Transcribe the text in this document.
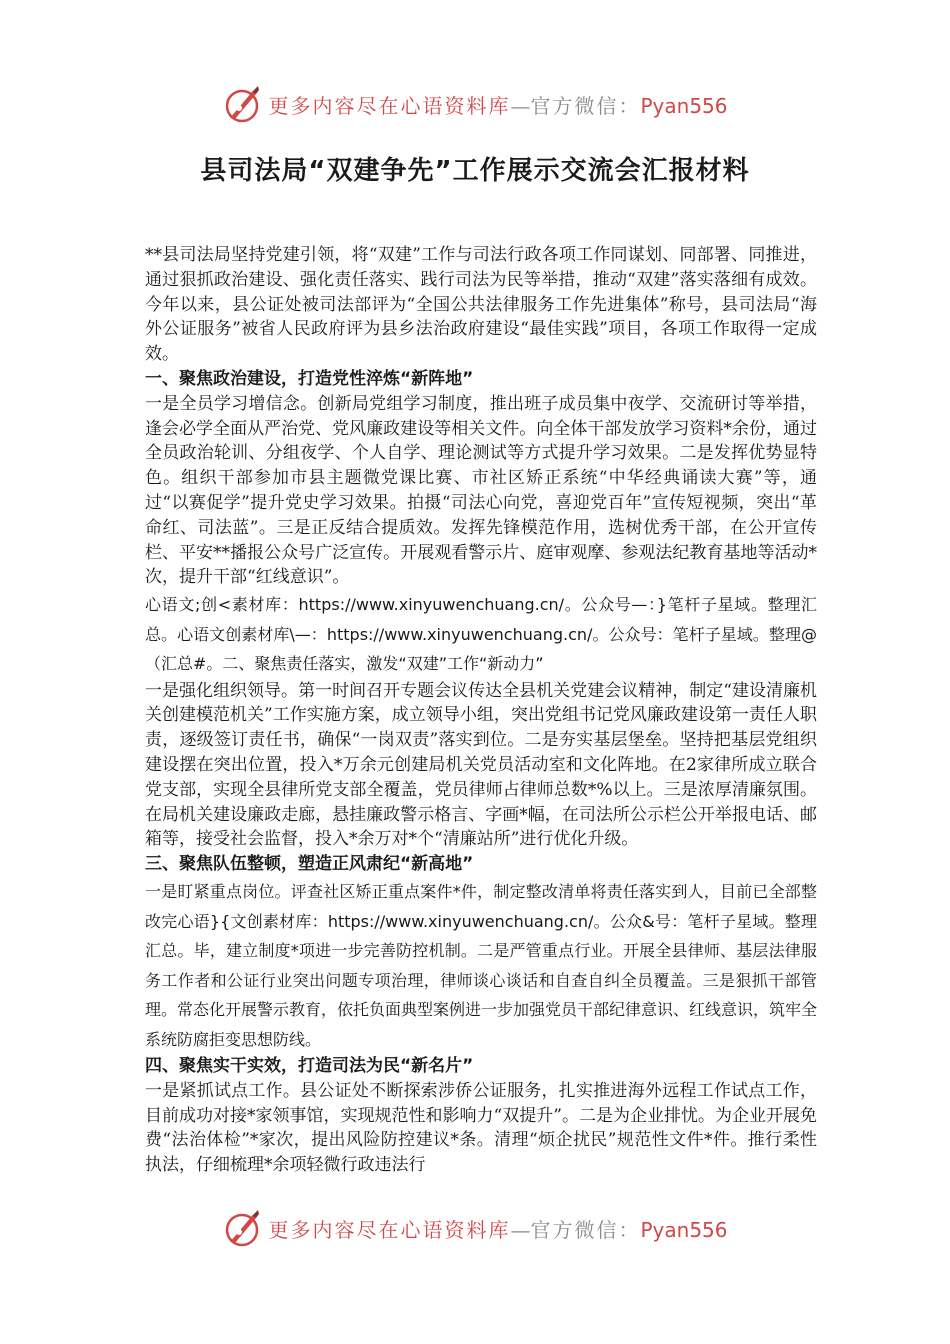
更多内容尽在心语资料库—官方微信：Pyan556
县司法局“双建争先”工作展示交流会汇报材料

**县司法局坚持党建引领，将“双建”工作与司法行政各项工作同谋划、同部署、同推进，通过狠抓政治建设、强化责任落实、践行司法为民等举措，推动“双建”落实落细有成效。今年以来，县公证处被司法部评为“全国公共法律服务工作先进集体”称号，县司法局“海外公证服务”被省人民政府评为县乡法治政府建设“最佳实践”项目，各项工作取得一定成效。

一、聚焦政治建设，打造党性淬炼“新阵地”

一是全员学习增信念。创新局党组学习制度，推出班子成员集中夜学、交流研讨等举措，逢会必学全面从严治党、党风廉政建设等相关文件。向全体干部发放学习资料*余份，通过全员政治轮训、分组夜学、个人自学、理论测试等方式提升学习效果。二是发挥优势显特色。组织干部参加市县主题微党课比赛、市社区矫正系统“中华经典诵读大赛”等，通过“以赛促学”提升党史学习效果。拍摄“司法心向党，喜迎党百年”宣传短视频，突出“革命红、司法蓝”。三是正反结合提质效。发挥先锋模范作用，选树优秀干部，在公开宣传栏、平安**播报公众号广泛宣传。开展观看警示片、庭审观摩、参观法纪教育基地等活动*次，提升干部“红线意识”。

心语文;创<素材库：https://www.xinyuwenchuang.cn/。公众号—：}笔杆子星域。整理汇总。心语文创素材库\—：https://www.xinyuwenchuang.cn/。公众号：笔杆子星域。整理@（汇总#。二、聚焦责任落实，激发“双建”工作“新动力”

一是强化组织领导。第一时间召开专题会议传达全县机关党建会议精神，制定“建设清廉机关创建模范机关”工作实施方案，成立领导小组，突出党组书记党风廉政建设第一责任人职责，逐级签订责任书，确保“一岗双责”落实到位。二是夯实基层堡垒。坚持把基层党组织建设摆在突出位置，投入*万余元创建局机关党员活动室和文化阵地。在2家律所成立联合党支部，实现全县律所党支部全覆盖，党员律师占律师总数*%以上。三是浓厚清廉氛围。在局机关建设廉政走廊，悬挂廉政警示格言、字画*幅，在司法所公示栏公开举报电话、邮箱等，接受社会监督，投入*余万对*个“清廉站所”进行优化升级。

三、聚焦队伍整顿，塑造正风肃纪“新高地”

一是盯紧重点岗位。评查社区矫正重点案件*件，制定整改清单将责任落实到人，目前已全部整改完心语}{文创素材库：https://www.xinyuwenchuang.cn/。公众&号：笔杆子星域。整理汇总。毕，建立制度*项进一步完善防控机制。二是严管重点行业。开展全县律师、基层法律服务工作者和公证行业突出问题专项治理，律师谈心谈话和自查自纠全员覆盖。三是狠抓干部管理。常态化开展警示教育，依托负面典型案例进一步加强党员干部纪律意识、红线意识，筑牢全系统防腐拒变思想防线。

四、聚焦实干实效，打造司法为民“新名片”

一是紧抓试点工作。县公证处不断探索涉侨公证服务，扎实推进海外远程工作试点工作，目前成功对接*家领事馆，实现规范性和影响力“双提升”。二是为企业排忧。为企业开展免费“法治体检”*家次，提出风险防控建议*条。清理“烦企扰民”规范性文件*件。推行柔性执法，仔细梳理*余项轻微行政违法行

更多内容尽在心语资料库—官方微信：Pyan556
